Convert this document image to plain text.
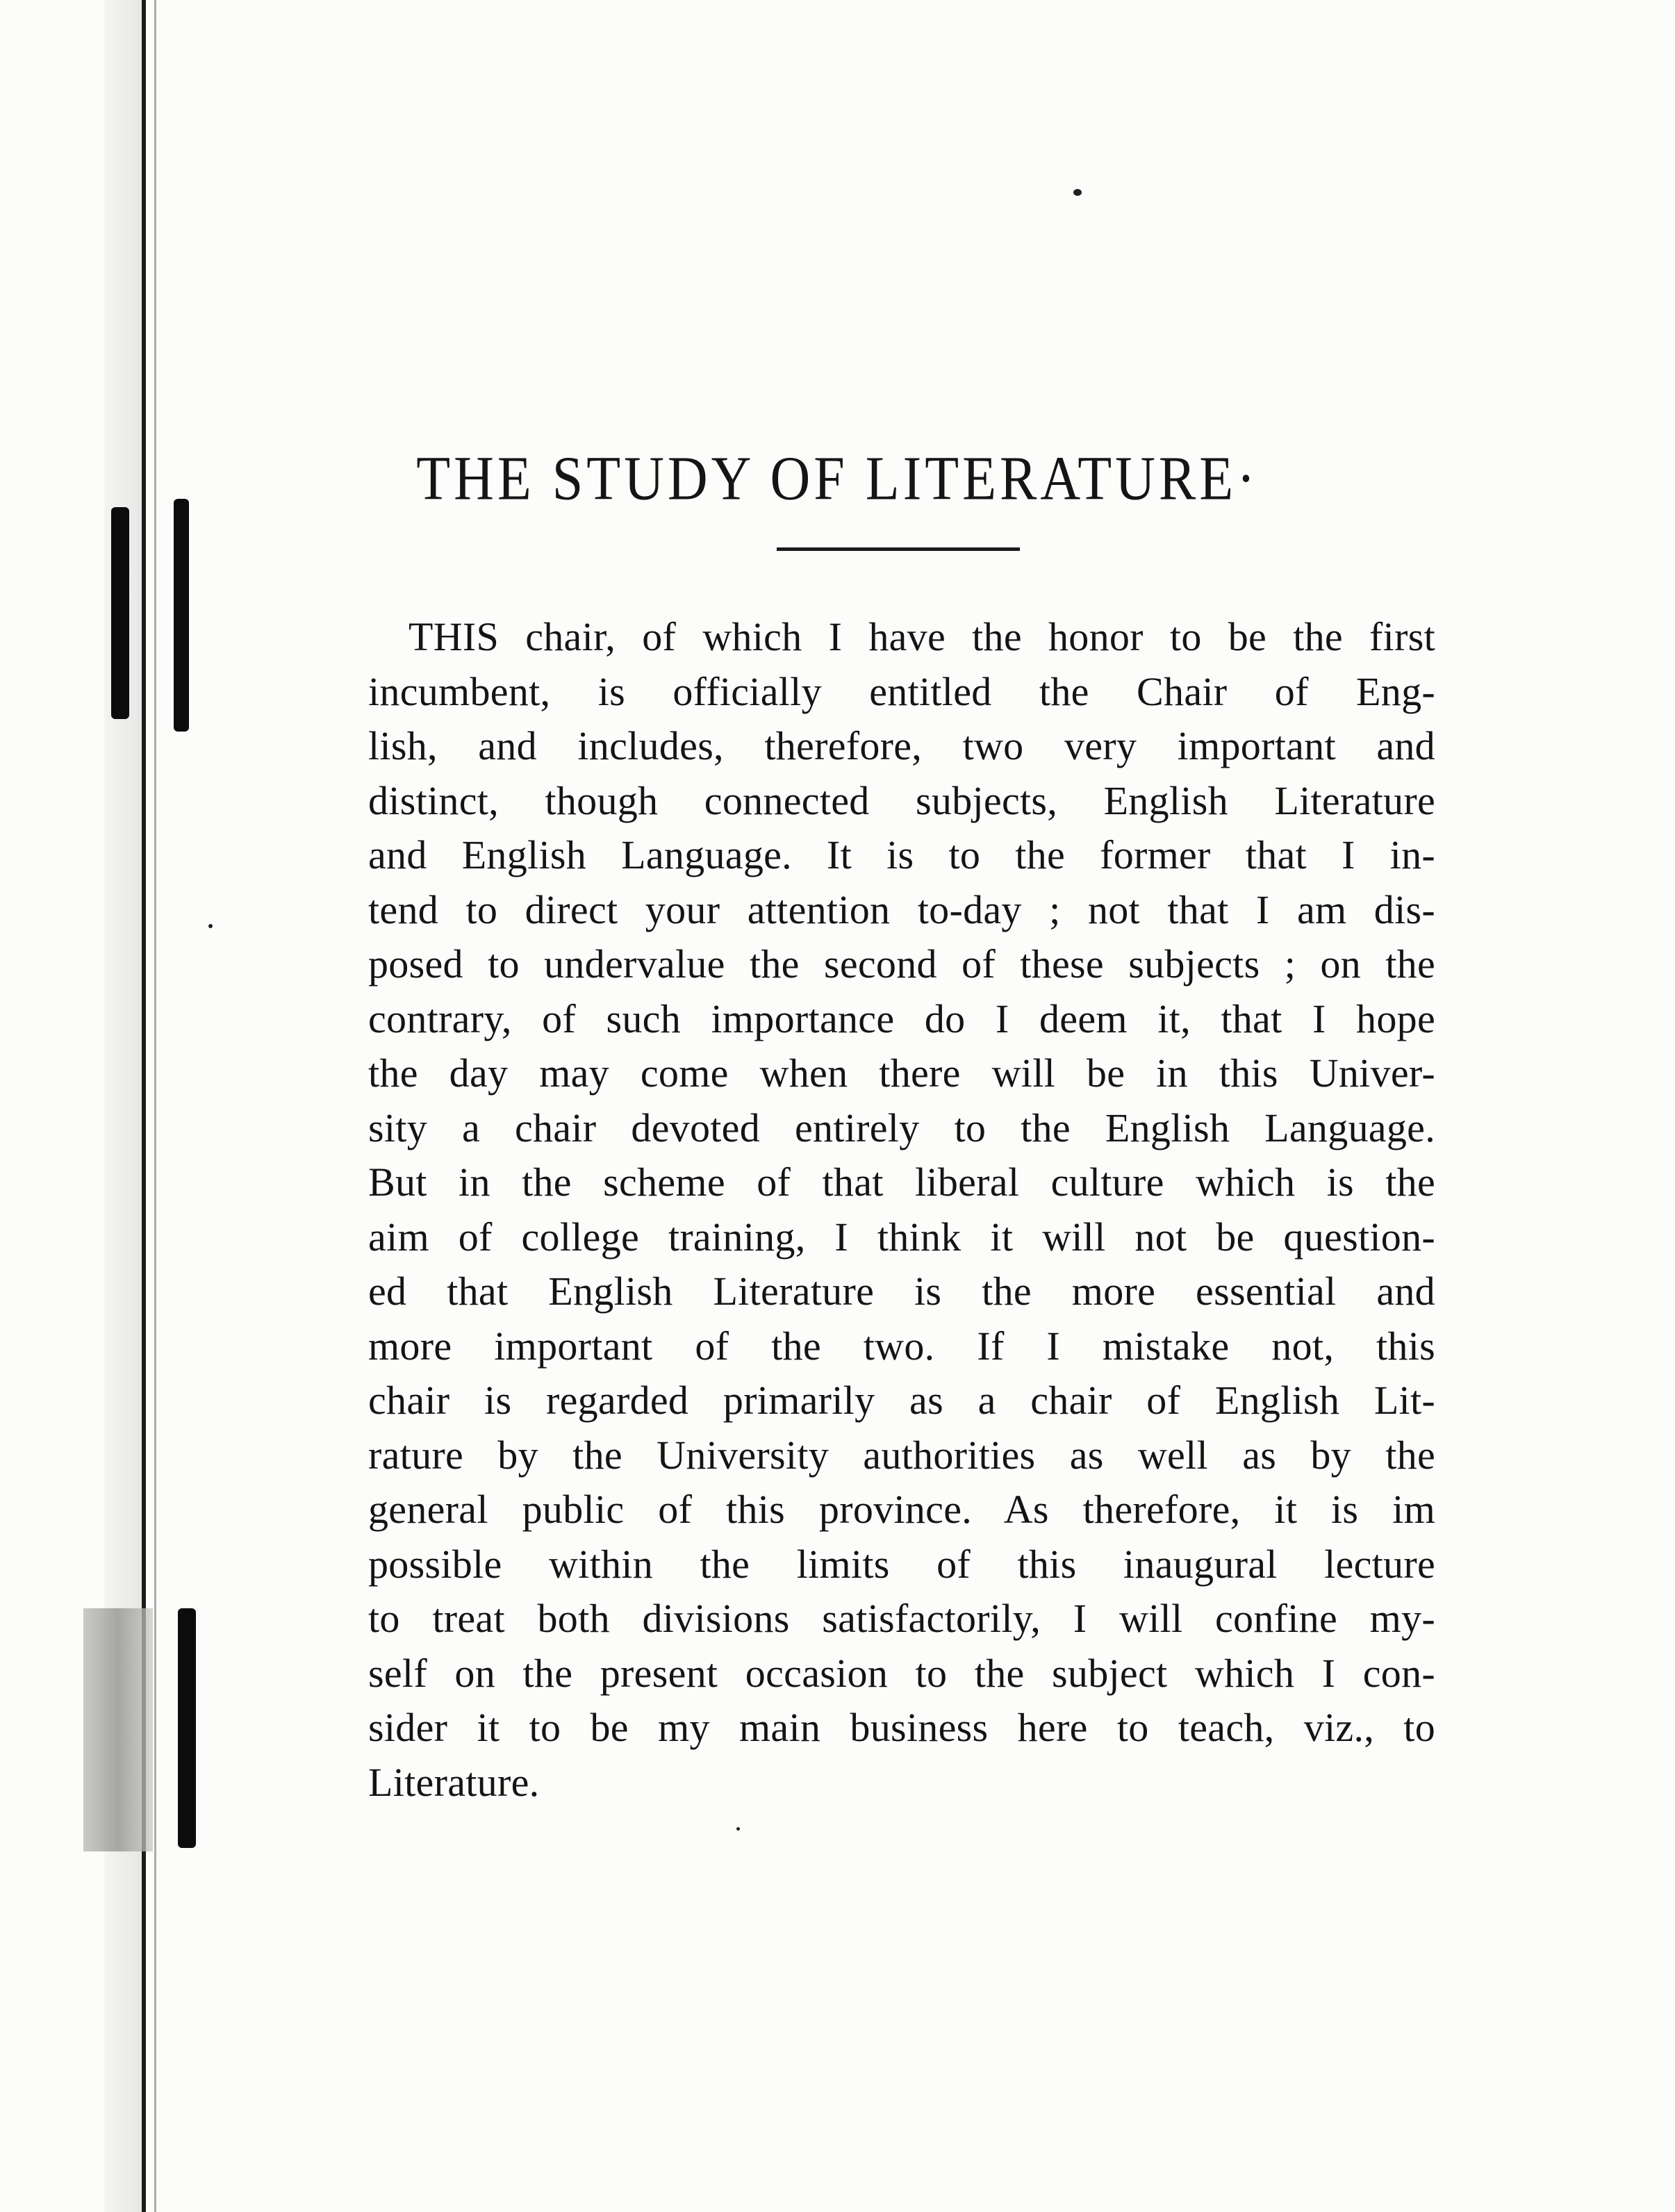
THE STUDY OF LITERATURE·
THIS chair, of which I have the honor to be the first
incumbent, is officially entitled the Chair of Eng-
lish, and includes, therefore, two very important and
distinct, though connected subjects, English Literature
and English Language. It is to the former that I in-
tend to direct your attention to-day ; not that I am dis-
posed to undervalue the second of these subjects ; on the
contrary, of such importance do I deem it, that I hope
the day may come when there will be in this Univer-
sity a chair devoted entirely to the English Language.
But in the scheme of that liberal culture which is the
aim of college training, I think it will not be question-
ed that English Literature is the more essential and
more important of the two. If I mistake not, this
chair is regarded primarily as a chair of English Lit-
rature by the University authorities as well as by the
general public of this province. As therefore, it is im
possible within the limits of this inaugural lecture
to treat both divisions satisfactorily, I will confine my-
self on the present occasion to the subject which I con-
sider it to be my main business here to teach, viz., to
Literature.
